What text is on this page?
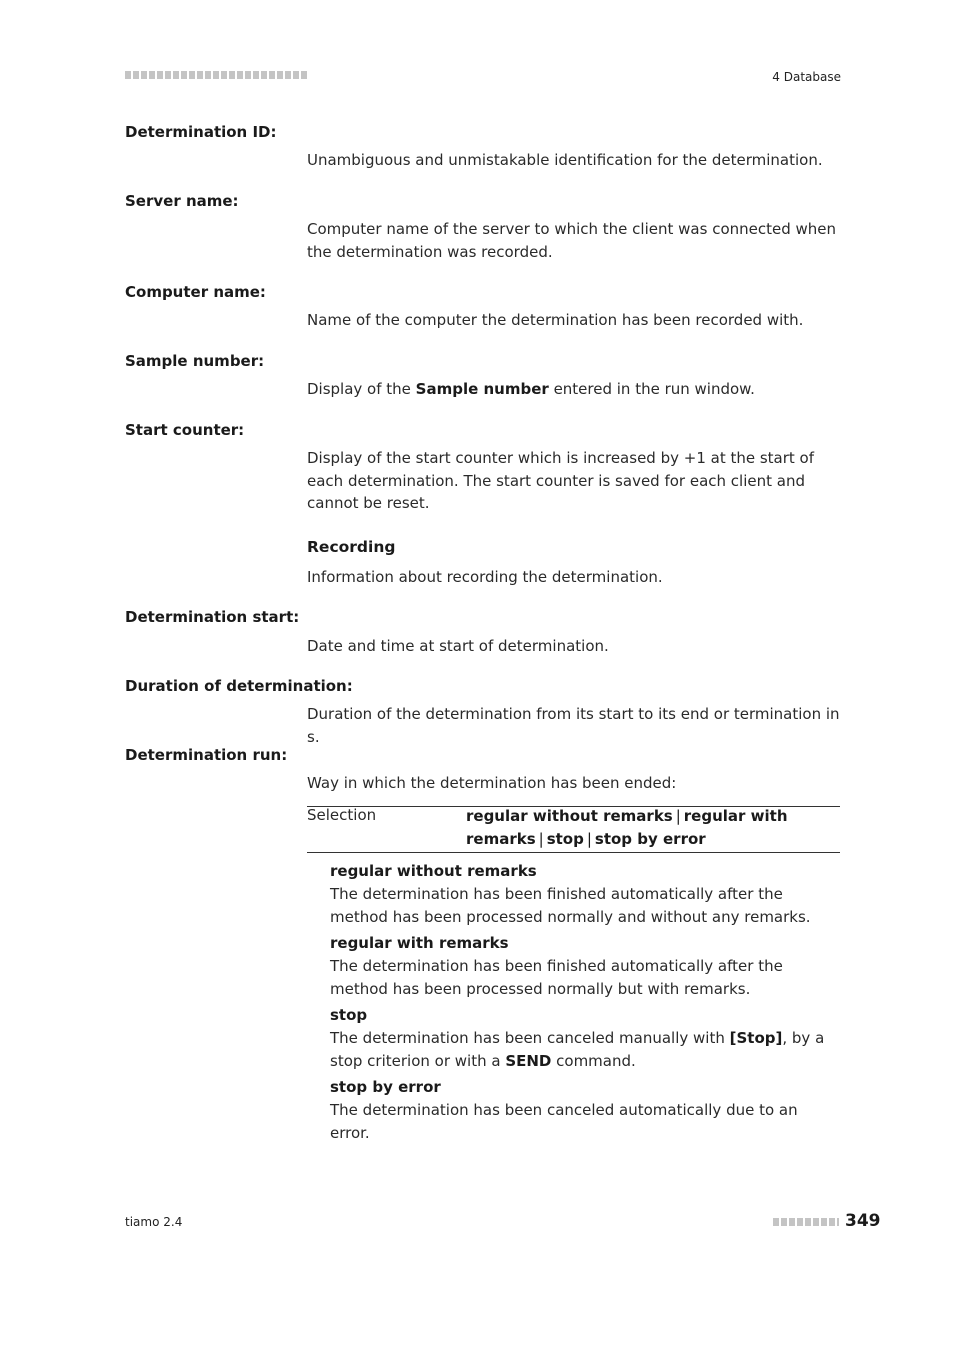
4 Database
Determination ID:
Unambiguous and unmistakable identification for the determination.
Server name:
Computer name of the server to which the client was connected when the determination was recorded.
Computer name:
Name of the computer the determination has been recorded with.
Sample number:
Display of the Sample number entered in the run window.
Start counter:
Display of the start counter which is increased by +1 at the start of each determination. The start counter is saved for each client and cannot be reset.
Recording
Information about recording the determination.
Determination start:
Date and time at start of determination.
Duration of determination:
Duration of the determination from its start to its end or termination in s.
Determination run:
Way in which the determination has been ended:
Selection	regular without remarks | regular with remarks | stop | stop by error
regular without remarks
The determination has been finished automatically after the method has been processed normally and without any remarks.
regular with remarks
The determination has been finished automatically after the method has been processed normally but with remarks.
stop
The determination has been canceled manually with [Stop], by a stop criterion or with a SEND command.
stop by error
The determination has been canceled automatically due to an error.
tiamo 2.4	349
